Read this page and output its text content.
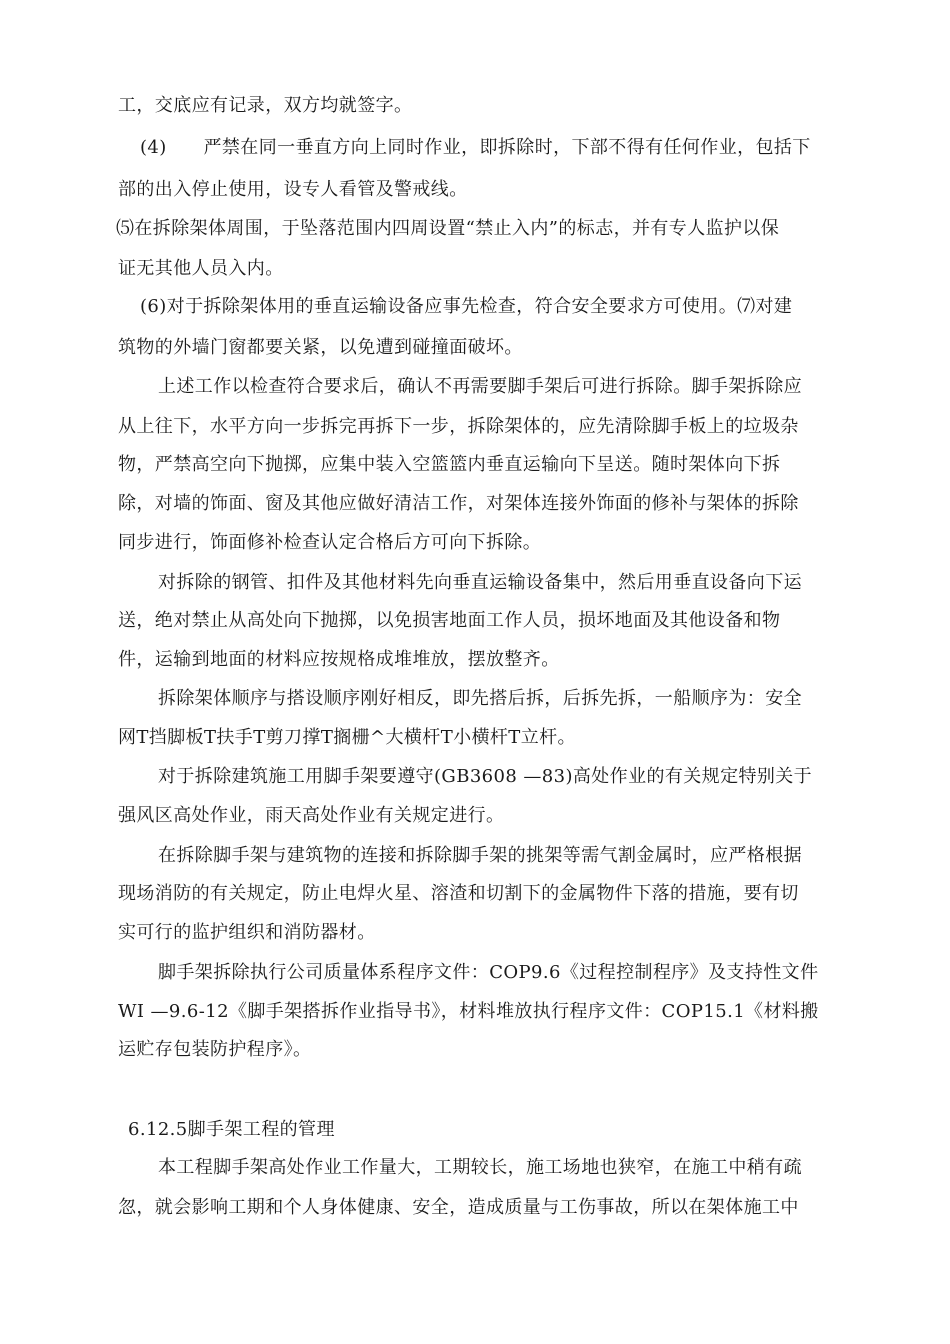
工，交底应有记录，双方均就签字。
(4)　　严禁在同一垂直方向上同时作业，即拆除时，下部不得有任何作业，包括下
部的出入停止使用，设专人看管及警戒线。
⑸在拆除架体周围，于坠落范围内四周设置“禁止入内”的标志，并有专人监护以保
证无其他人员入内。
(6)对于拆除架体用的垂直运输设备应事先检查，符合安全要求方可使用。⑺对建
筑物的外墙门窗都要关紧，以免遭到碰撞面破坏。
上述工作以检查符合要求后，确认不再需要脚手架后可进行拆除。脚手架拆除应
从上往下，水平方向一步拆完再拆下一步，拆除架体的，应先清除脚手板上的垃圾杂
物，严禁高空向下抛掷，应集中装入空篮篮内垂直运输向下呈送。随时架体向下拆
除，对墙的饰面、窗及其他应做好清洁工作，对架体连接外饰面的修补与架体的拆除
同步进行，饰面修补检查认定合格后方可向下拆除。
对拆除的钢管、扣件及其他材料先向垂直运输设备集中，然后用垂直设备向下运
送，绝对禁止从高处向下抛掷，以免损害地面工作人员，损坏地面及其他设备和物
件，运输到地面的材料应按规格成堆堆放，摆放整齐。
拆除架体顺序与搭设顺序刚好相反，即先搭后拆，后拆先拆，一船顺序为：安全
网T挡脚板T扶手T剪刀撑T搁栅^大横杆T小横杆T立杆。
对于拆除建筑施工用脚手架要遵守(GB3608 —83)高处作业的有关规定特别关于
强风区高处作业，雨天高处作业有关规定进行。
在拆除脚手架与建筑物的连接和拆除脚手架的挑架等需气割金属时，应严格根据
现场消防的有关规定，防止电焊火星、溶渣和切割下的金属物件下落的措施，要有切
实可行的监护组织和消防器材。
脚手架拆除执行公司质量体系程序文件：COP9.6《过程控制程序》及支持性文件
WI —9.6-12《脚手架搭拆作业指导书》，材料堆放执行程序文件：COP15.1《材料搬
运贮存包装防护程序》。
6.12.5脚手架工程的管理
本工程脚手架高处作业工作量大，工期较长，施工场地也狭窄，在施工中稍有疏
忽，就会影响工期和个人身体健康、安全，造成质量与工伤事故，所以在架体施工中
